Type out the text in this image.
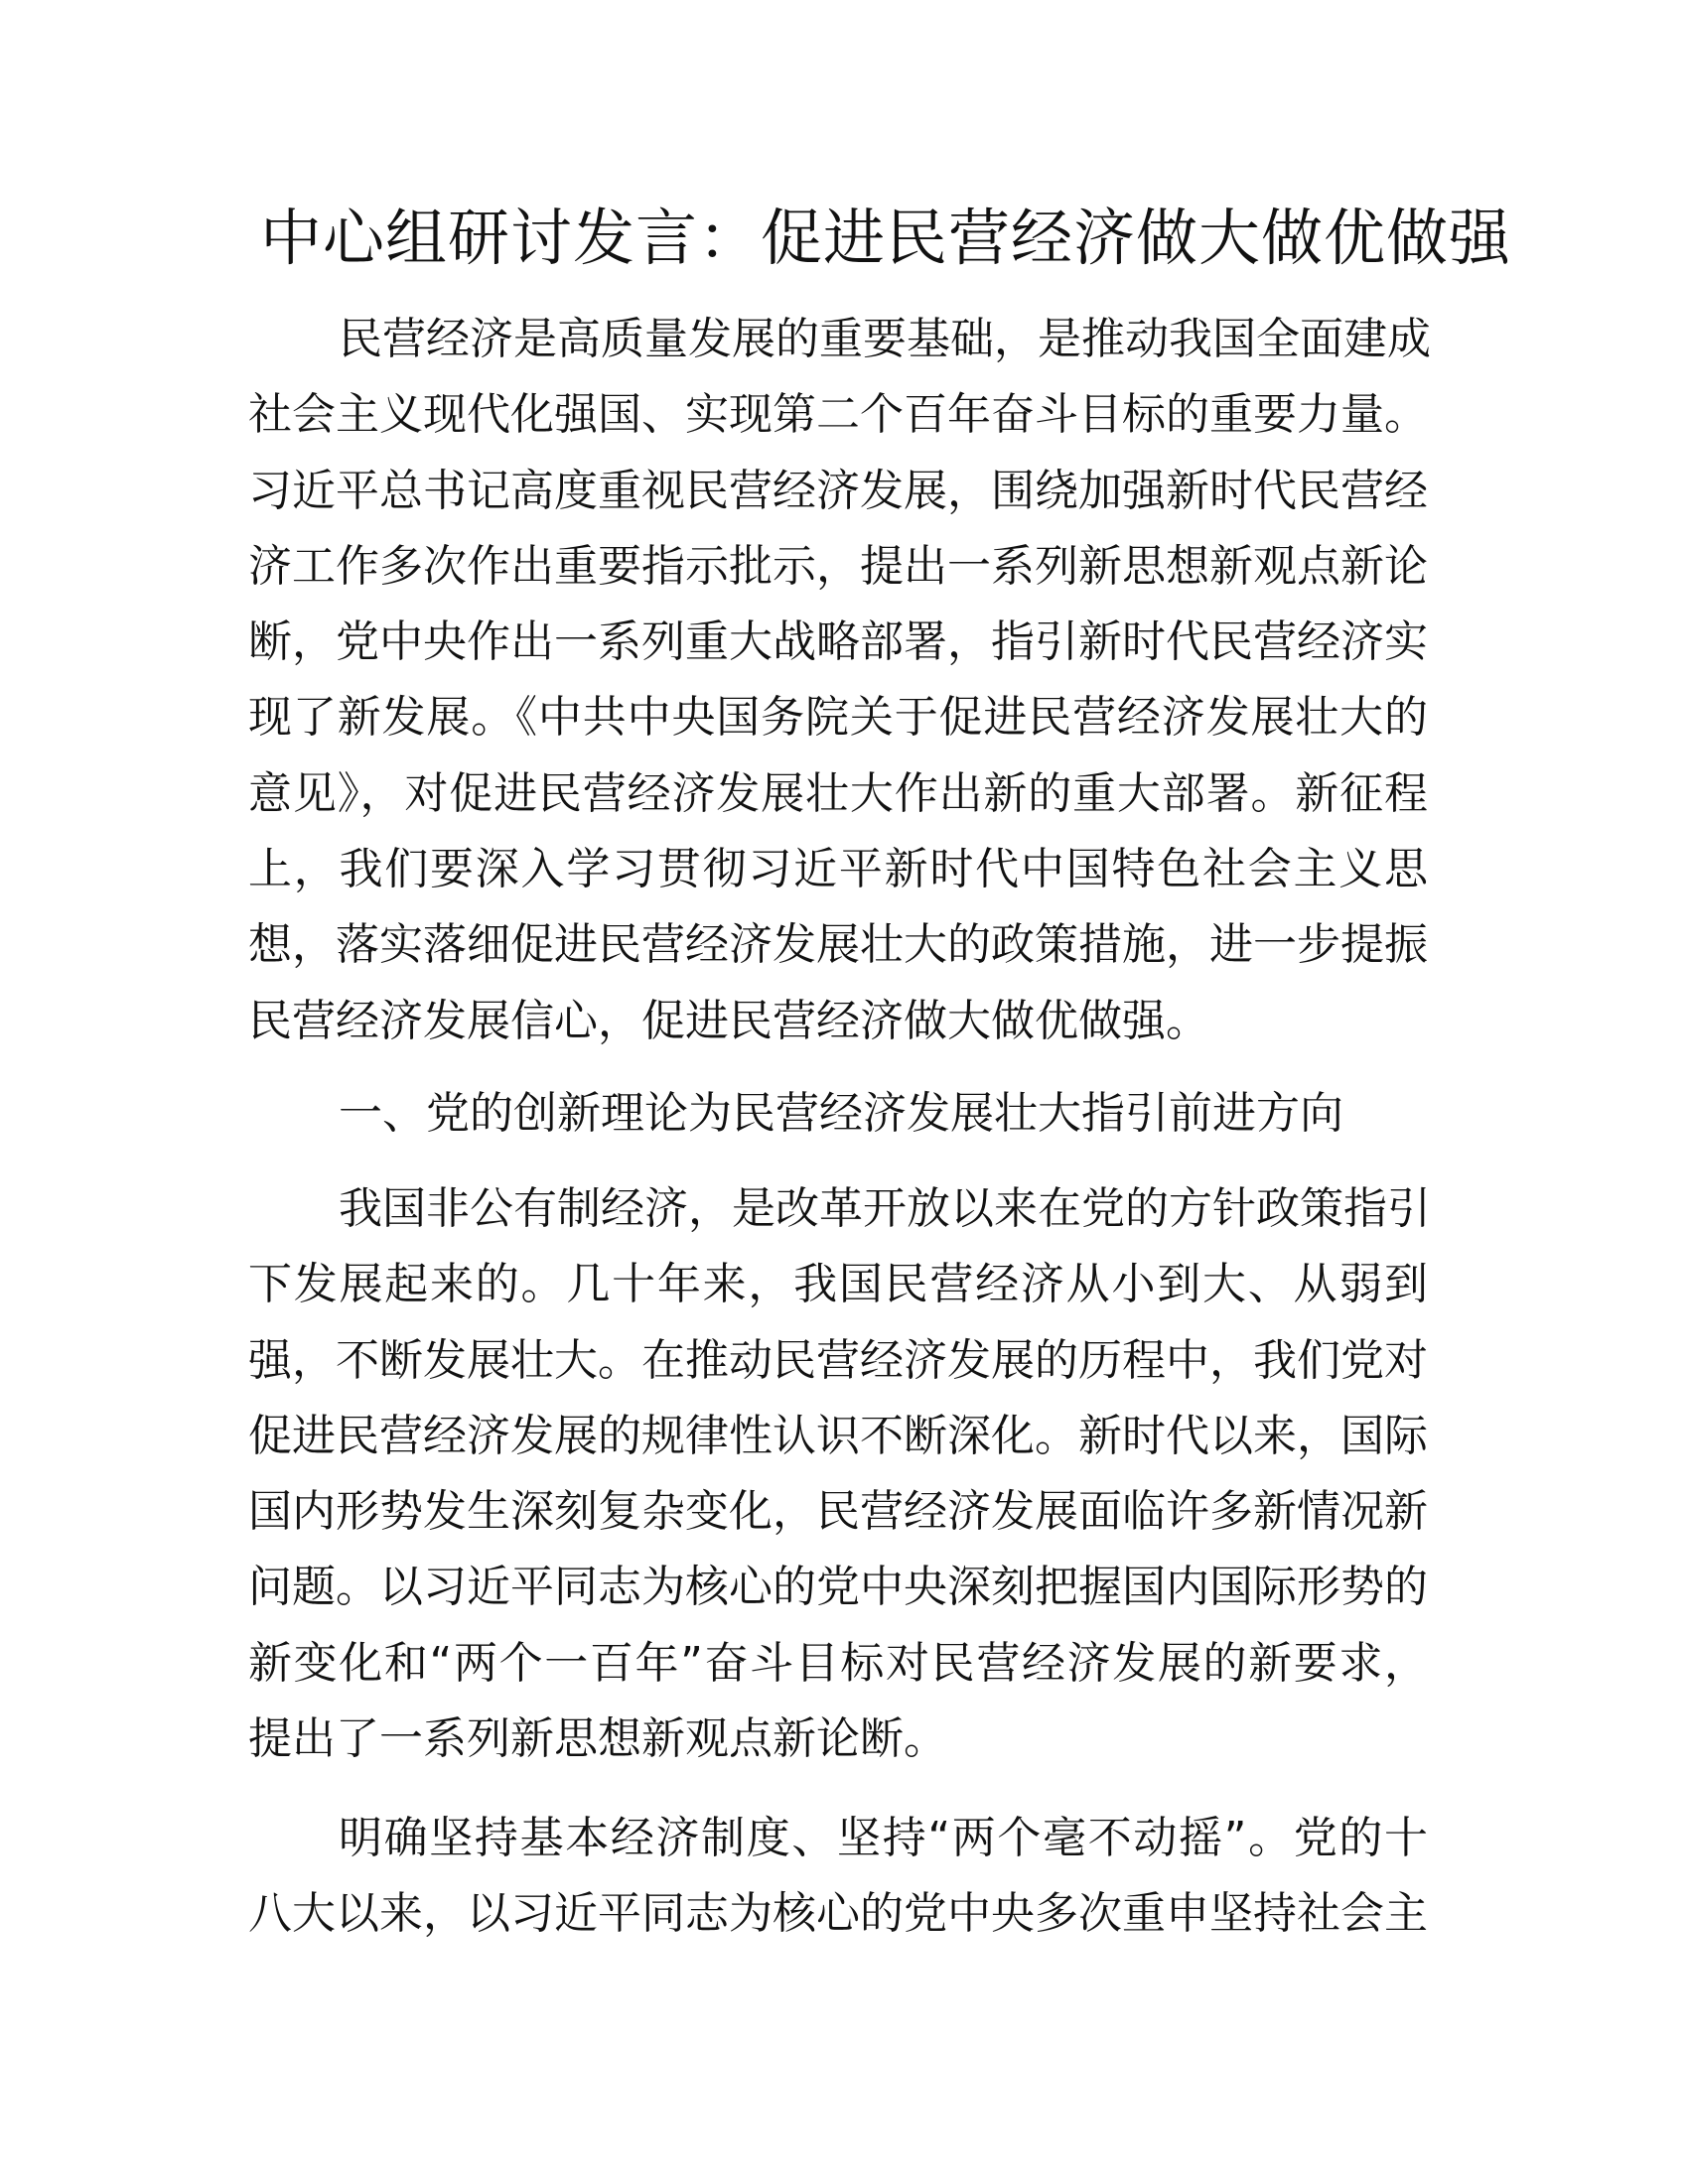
中心组研讨发言：促进民营经济做大做优做强
民营经济是高质量发展的重要基础，是推动我国全面建成
社会主义现代化强国、实现第二个百年奋斗目标的重要力量。
习近平总书记高度重视民营经济发展，围绕加强新时代民营经
济工作多次作出重要指示批示，提出一系列新思想新观点新论
断，党中央作出一系列重大战略部署，指引新时代民营经济实
现了新发展。《中共中央国务院关于促进民营经济发展壮大的
意见》，对促进民营经济发展壮大作出新的重大部署。新征程
上，我们要深入学习贯彻习近平新时代中国特色社会主义思
想，落实落细促进民营经济发展壮大的政策措施，进一步提振
民营经济发展信心，促进民营经济做大做优做强。
一、党的创新理论为民营经济发展壮大指引前进方向
我国非公有制经济，是改革开放以来在党的方针政策指引
下发展起来的。几十年来，我国民营经济从小到大、从弱到
强，不断发展壮大。在推动民营经济发展的历程中，我们党对
促进民营经济发展的规律性认识不断深化。新时代以来，国际
国内形势发生深刻复杂变化，民营经济发展面临许多新情况新
问题。以习近平同志为核心的党中央深刻把握国内国际形势的
新变化和“两个一百年”奋斗目标对民营经济发展的新要求，
提出了一系列新思想新观点新论断。
明确坚持基本经济制度、坚持“两个毫不动摇”。党的十
八大以来，以习近平同志为核心的党中央多次重申坚持社会主
